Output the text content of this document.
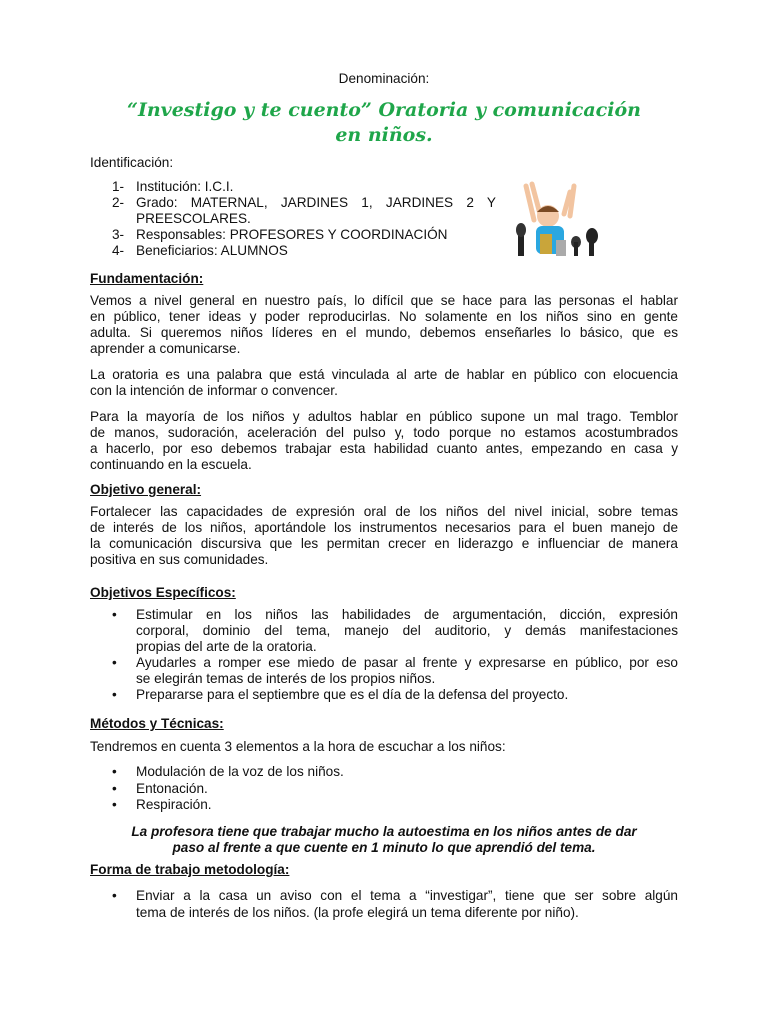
Denominación:
“Investigo y te cuento” Oratoria y comunicación
en niños.
Identificación:
1- Institución: I.C.I.
2- Grado: MATERNAL, JARDINES 1, JARDINES 2 Y
PREESCOLARES.
3- Responsables: PROFESORES Y COORDINACIÓN
4- Beneficiarios: ALUMNOS
Fundamentación:
Vemos a nivel general en nuestro país, lo difícil que se hace para las personas el hablar
en público, tener ideas y poder reproducirlas. No solamente en los niños sino en gente
adulta. Si queremos niños líderes en el mundo, debemos enseñarles lo básico, que es
aprender a comunicarse.
La oratoria es una palabra que está vinculada al arte de hablar en público con elocuencia
con la intención de informar o convencer.
Para la mayoría de los niños y adultos hablar en público supone un mal trago. Temblor
de manos, sudoración, aceleración del pulso y, todo porque no estamos acostumbrados
a hacerlo, por eso debemos trabajar esta habilidad cuanto antes, empezando en casa y
continuando en la escuela.
Objetivo general:
Fortalecer las capacidades de expresión oral de los niños del nivel inicial, sobre temas
de interés de los niños, aportándole los instrumentos necesarios para el buen manejo de
la comunicación discursiva que les permitan crecer en liderazgo e influenciar de manera
positiva en sus comunidades.
Objetivos Específicos:
• Estimular en los niños las habilidades de argumentación, dicción, expresión
corporal, dominio del tema, manejo del auditorio, y demás manifestaciones
propias del arte de la oratoria.
• Ayudarles a romper ese miedo de pasar al frente y expresarse en público, por eso
se elegirán temas de interés de los propios niños.
• Prepararse para el septiembre que es el día de la defensa del proyecto.
Métodos y Técnicas:
Tendremos en cuenta 3 elementos a la hora de escuchar a los niños:
• Modulación de la voz de los niños.
• Entonación.
• Respiración.
La profesora tiene que trabajar mucho la autoestima en los niños antes de dar
paso al frente a que cuente en 1 minuto lo que aprendió del tema.
Forma de trabajo metodología:
• Enviar a la casa un aviso con el tema a “investigar”, tiene que ser sobre algún
tema de interés de los niños. (la profe elegirá un tema diferente por niño).
